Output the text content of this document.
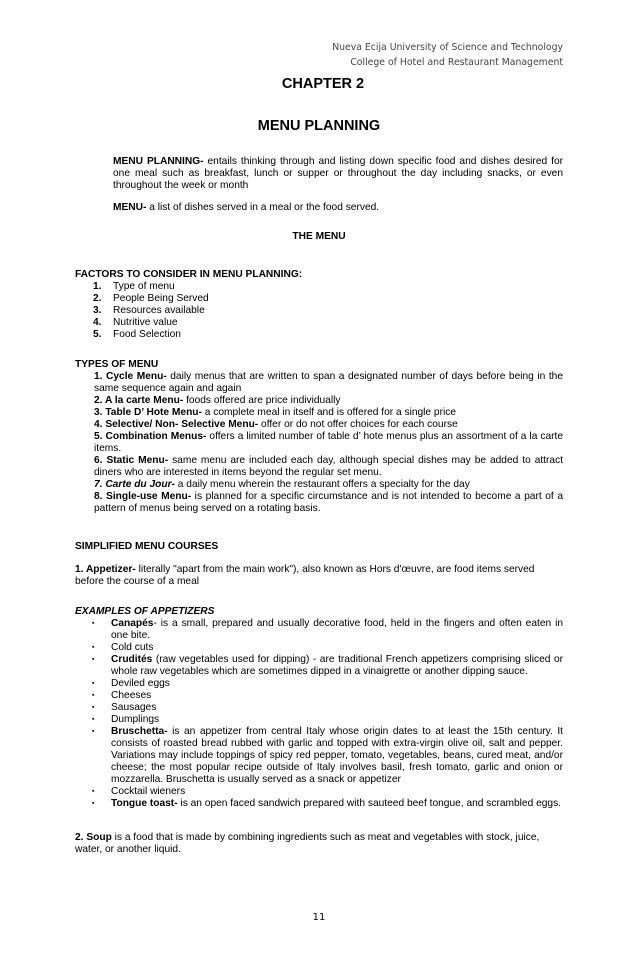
Nueva Ecija University of Science and Technology
College of Hotel and Restaurant Management
CHAPTER 2
MENU PLANNING

MENU PLANNING- entails thinking through and listing down specific food and dishes desired for one meal such as breakfast, lunch or supper or throughout the day including snacks, or even throughout the week or month

MENU- a list of dishes served in a meal or the food served.

THE MENU

FACTORS TO CONSIDER IN MENU PLANNING:

1. Type of menu
2. People Being Served
3. Resources available
4. Nutritive value
5. Food Selection

TYPES OF MENU

1. Cycle Menu- daily menus that are written to span a designated number of days before being in the same sequence again and again

2. A la carte Menu- foods offered are price individually

3. Table D’ Hote Menu- a complete meal in itself and is offered for a single price

4. Selective/ Non- Selective Menu- offer or do not offer choices for each course

5. Combination Menus- offers a limited number of table d’ hote menus plus an assortment of a la carte items.

6. Static Menu- same menu are included each day, although special dishes may be added to attract diners who are interested in items beyond the regular set menu.

7. Carte du Jour- a daily menu wherein the restaurant offers a specialty for the day

8. Single-use Menu- is planned for a specific circumstance and is not intended to become a part of a pattern of menus being served on a rotating basis.

SIMPLIFIED MENU COURSES

1. Appetizer- literally "apart from the main work"), also known as Hors d'œuvre, are food items served before the course of a meal

EXAMPLES OF APPETIZERS

▪ Canapés- is a small, prepared and usually decorative food, held in the fingers and often eaten in one bite.
▪ Cold cuts
▪ Crudités (raw vegetables used for dipping) - are traditional French appetizers comprising sliced or whole raw vegetables which are sometimes dipped in a vinaigrette or another dipping sauce.
▪ Deviled eggs
▪ Cheeses
▪ Sausages
▪ Dumplings
▪ Bruschetta- is an appetizer from central Italy whose origin dates to at least the 15th century. It consists of roasted bread rubbed with garlic and topped with extra-virgin olive oil, salt and pepper. Variations may include toppings of spicy red pepper, tomato, vegetables, beans, cured meat, and/or cheese; the most popular recipe outside of Italy involves basil, fresh tomato, garlic and onion or mozzarella. Bruschetta is usually served as a snack or appetizer
▪ Cocktail wieners
▪ Tongue toast- is an open faced sandwich prepared with sauteed beef tongue, and scrambled eggs.

2. Soup is a food that is made by combining ingredients such as meat and vegetables with stock, juice, water, or another liquid.

11
